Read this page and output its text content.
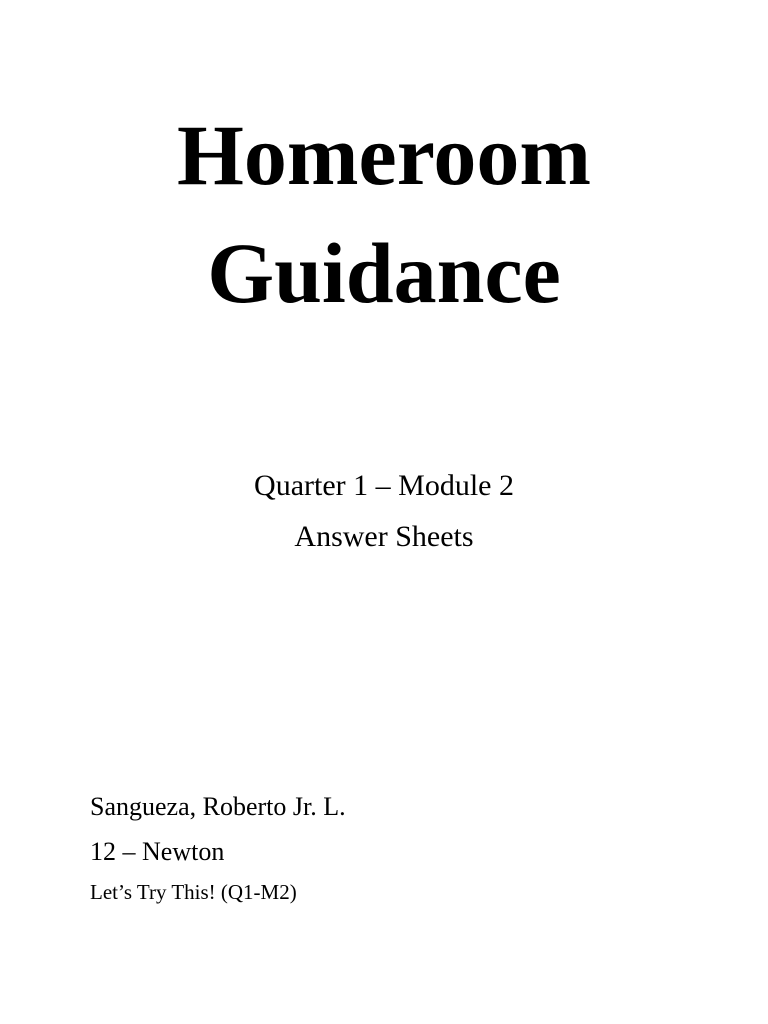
Homeroom
Guidance
Quarter 1 – Module 2
Answer Sheets
Sangueza, Roberto Jr. L.
12 – Newton
Let’s Try This! (Q1-M2)
